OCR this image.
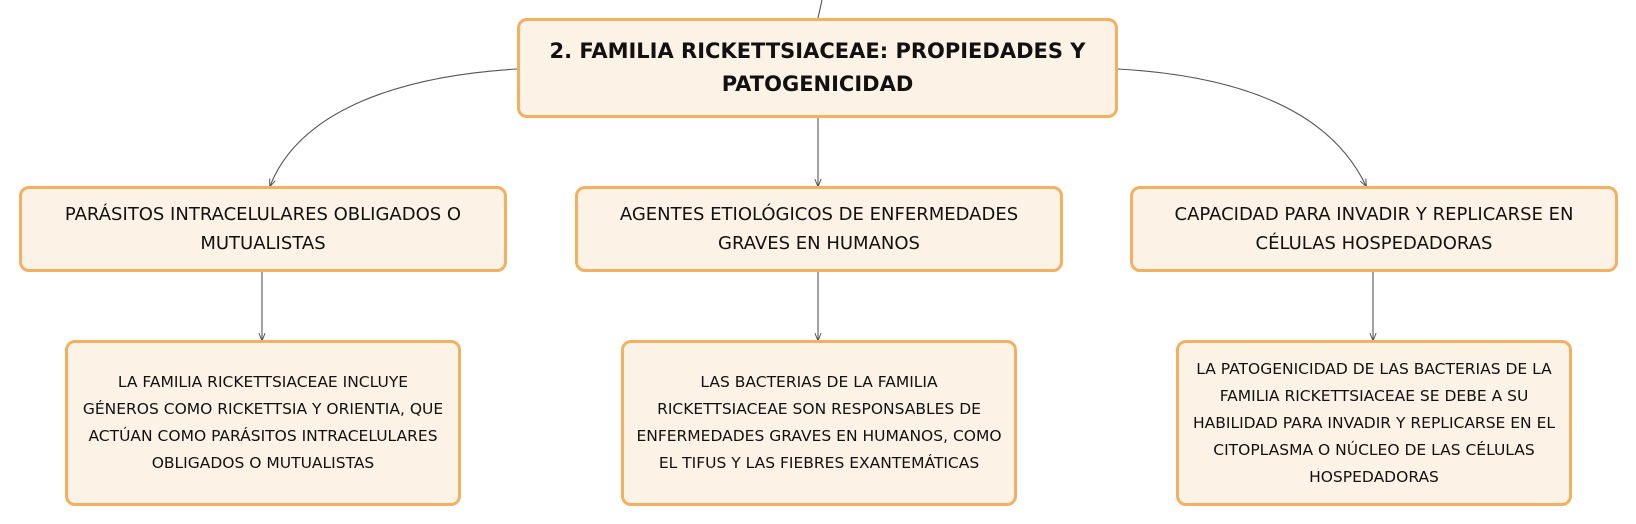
2. FAMILIA RICKETTSIACEAE: PROPIEDADES Y PATOGENICIDAD
PARÁSITOS INTRACELULARES OBLIGADOS O MUTUALISTAS
AGENTES ETIOLÓGICOS DE ENFERMEDADES GRAVES EN HUMANOS
CAPACIDAD PARA INVADIR Y REPLICARSE EN CÉLULAS HOSPEDADORAS
LA FAMILIA RICKETTSIACEAE INCLUYE GÉNEROS COMO RICKETTSIA Y ORIENTIA, QUE ACTÚAN COMO PARÁSITOS INTRACELULARES OBLIGADOS O MUTUALISTAS
LAS BACTERIAS DE LA FAMILIA RICKETTSIACEAE SON RESPONSABLES DE ENFERMEDADES GRAVES EN HUMANOS, COMO EL TIFUS Y LAS FIEBRES EXANTEMÁTICAS
LA PATOGENICIDAD DE LAS BACTERIAS DE LA FAMILIA RICKETTSIACEAE SE DEBE A SU HABILIDAD PARA INVADIR Y REPLICARSE EN EL CITOPLASMA O NÚCLEO DE LAS CÉLULAS HOSPEDADORAS
